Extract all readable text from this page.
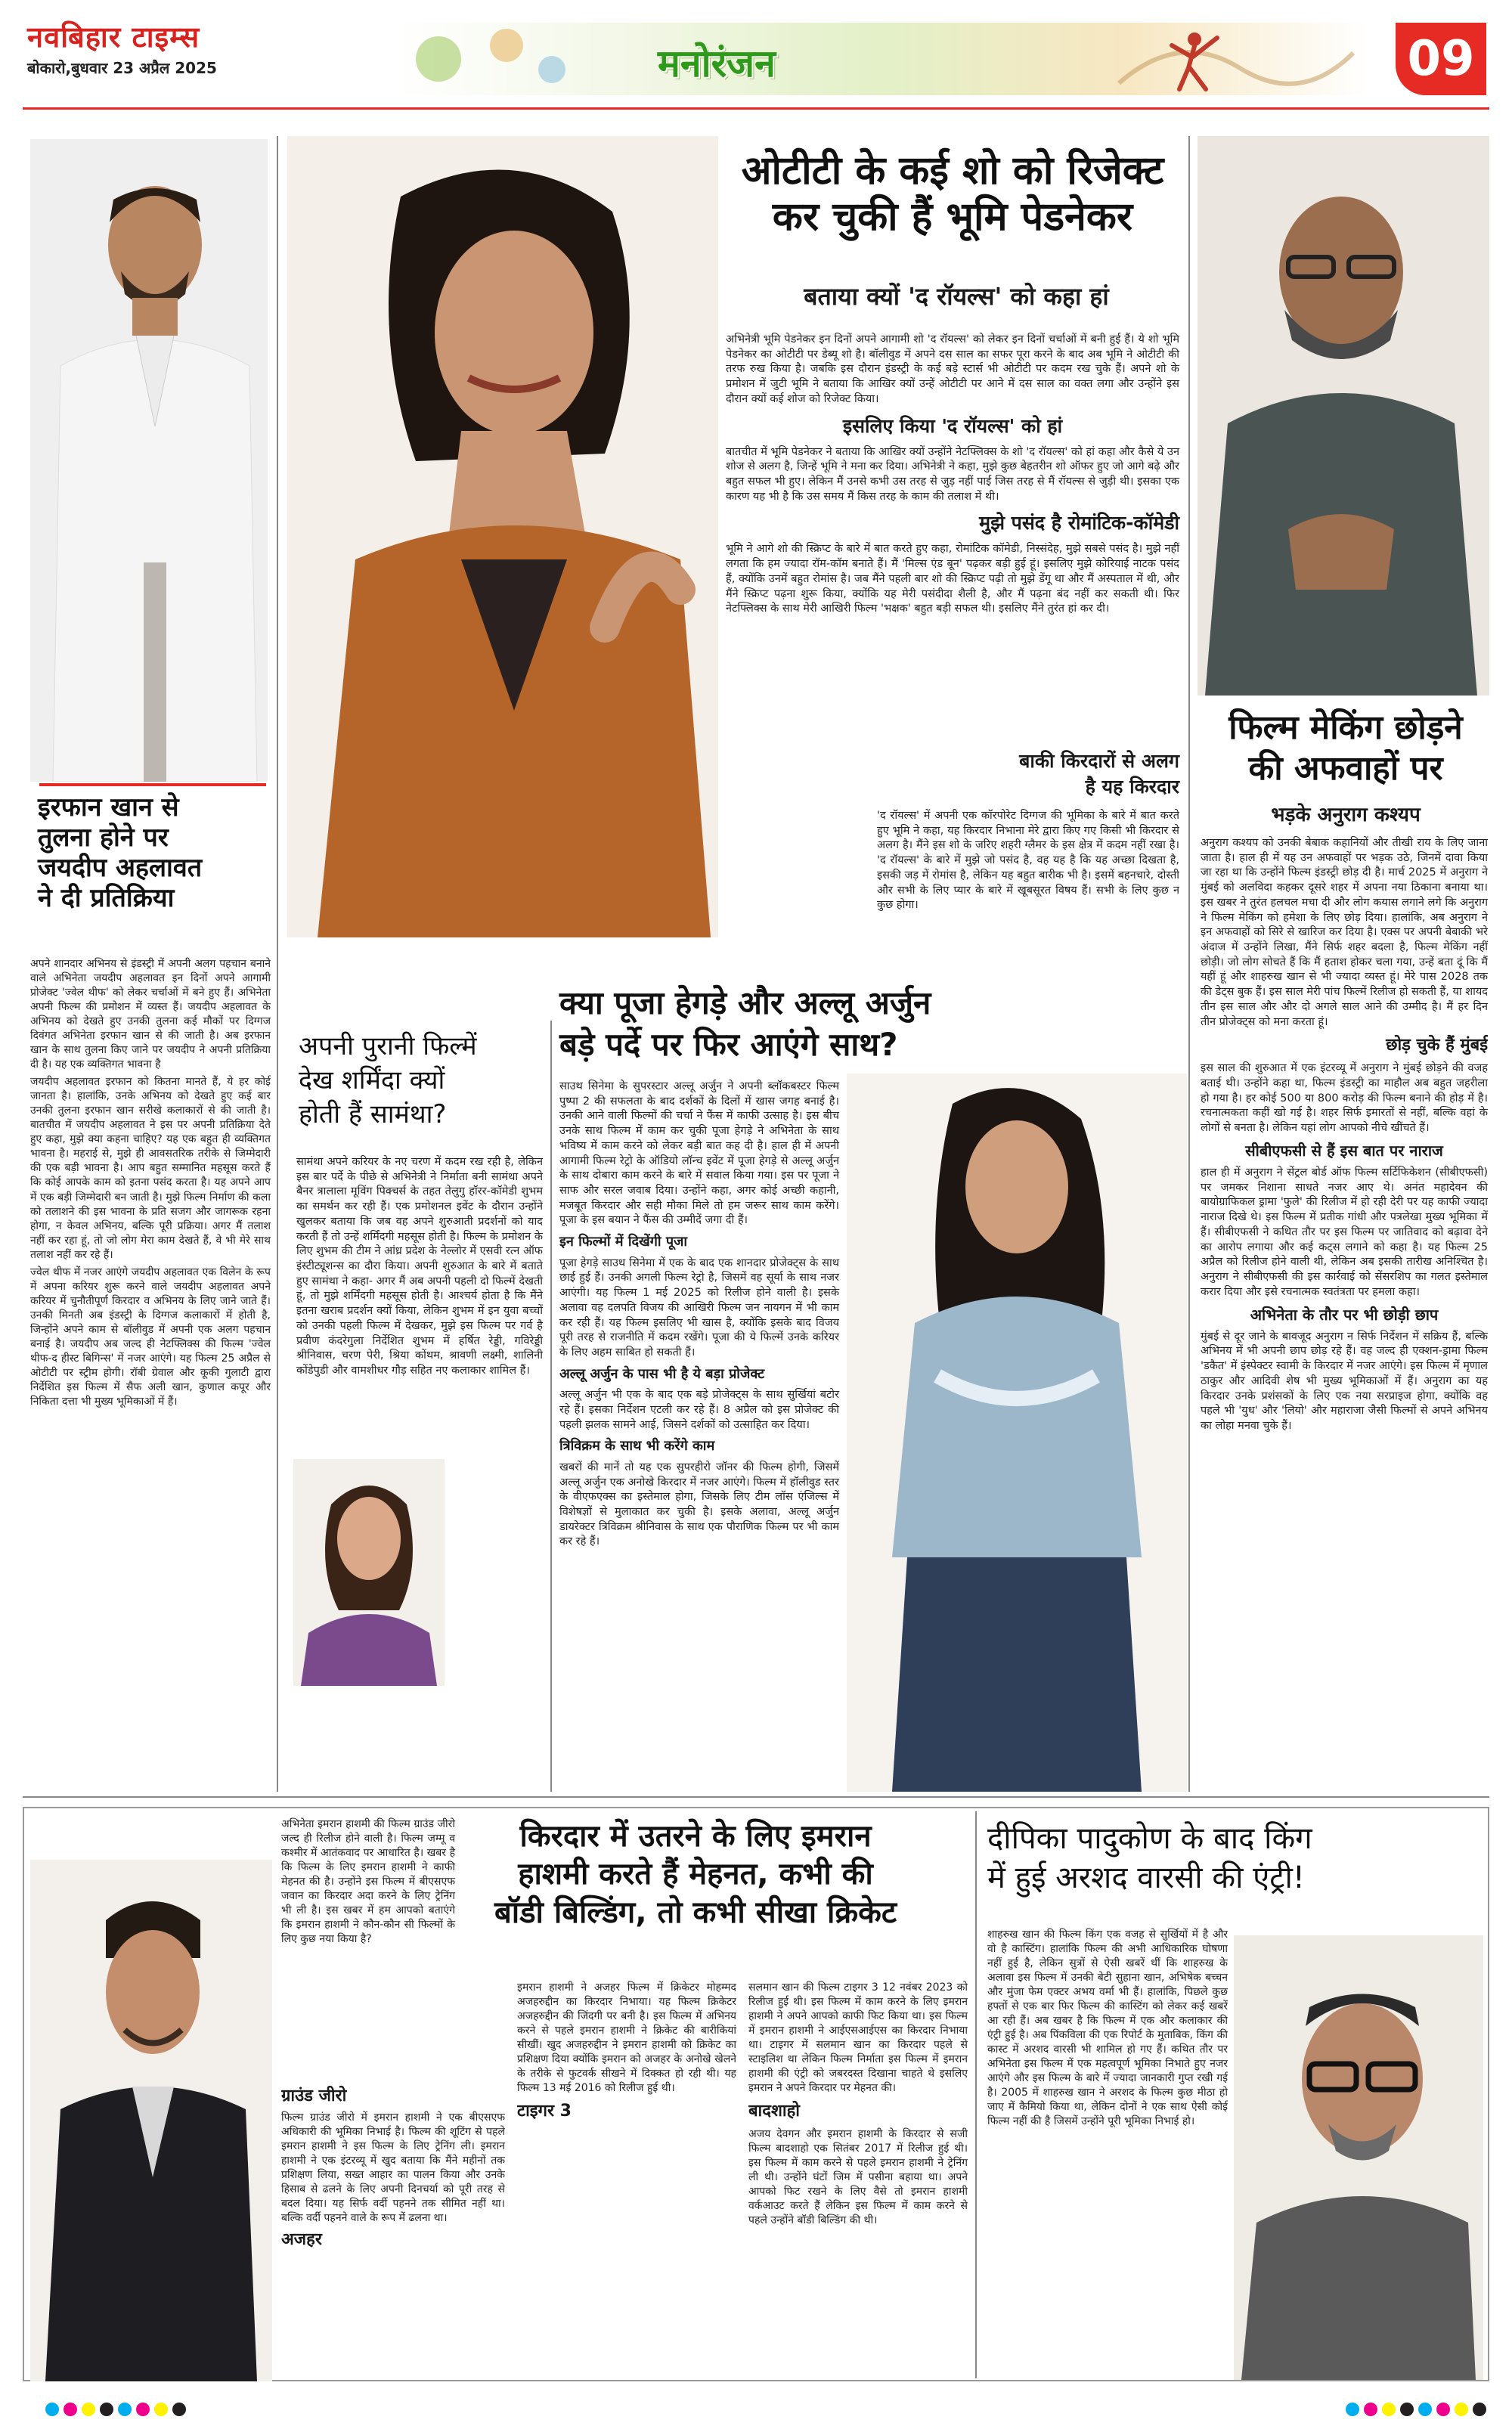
नवबिहार टाइम्स
बोकारो,बुधवार 23 अप्रैल 2025	मनोरंजन	09
इरफान खान से
तुलना होने पर
जयदीप अहलावत
ने दी प्रतिक्रिया

अपने शानदार अभिनय से इंडस्ट्री में अपनी अलग पहचान बनाने वाले अभिनेता जयदीप अहलावत इन दिनों अपने आगामी प्रोजेक्ट 'ज्वेल थीफ' को लेकर चर्चाओं में बने हुए हैं। अभिनेता अपनी फिल्म की प्रमोशन में व्यस्त हैं। जयदीप अहलावत के अभिनय को देखते हुए उनकी तुलना कई मौकों पर दिग्गज दिवंगत अभिनेता इरफान खान से की जाती है। अब इरफान खान के साथ तुलना किए जाने पर जयदीप ने अपनी प्रतिक्रिया दी है। यह एक व्यक्तिगत भावना है

जयदीप अहलावत इरफान को कितना मानते हैं, ये हर कोई जानता है। हालांकि, उनके अभिनय को देखते हुए कई बार उनकी तुलना इरफान खान सरीखे कलाकारों से की जाती है। बातचीत में जयदीप अहलावत ने इस पर अपनी प्रतिक्रिया देते हुए कहा, मुझे क्या कहना चाहिए? यह एक बहुत ही व्यक्तिगत भावना है। महराई से, मुझे ही आवसतरिक तरीके से जिम्मेदारी की एक बड़ी भावना है। आप बहुत सम्मानित महसूस करते हैं कि कोई आपके काम को इतना पसंद करता है। यह अपने आप में एक बड़ी जिम्मेदारी बन जाती है। मुझे फिल्म निर्माण की कला को तलाशने की इस भावना के प्रति सजग और जागरूक रहना होगा, न केवल अभिनय, बल्कि पूरी प्रक्रिया। अगर मैं तलाश नहीं कर रहा हूं, तो जो लोग मेरा काम देखते हैं, वे भी मेरे साथ तलाश नहीं कर रहे हैं।

ज्वेल थीफ में नजर आएंगे जयदीप अहलावत एक विलेन के रूप में अपना करियर शुरू करने वाले जयदीप अहलावत अपने करियर में चुनौतीपूर्ण किरदार व अभिनय के लिए जाने जाते हैं। उनकी मिनती अब इंडस्ट्री के दिग्गज कलाकारों में होती है, जिन्होंने अपने काम से बॉलीवुड में अपनी एक अलग पहचान बनाई है। जयदीप अब जल्द ही नेटफ्लिक्स की फिल्म 'ज्वेल थीफ-द हीस्ट बिगिन्स' में नजर आएंगे। यह फिल्म 25 अप्रैल से ओटीटी पर स्ट्रीम होगी। रॉबी ग्रेवाल और कूकी गुलाटी द्वारा निर्देशित इस फिल्म में सैफ अली खान, कुणाल कपूर और निकिता दत्ता भी मुख्य भूमिकाओं में हैं।

ओटीटी के कई शो को रिजेक्ट
कर चुकी हैं भूमि पेडनेकर
बताया क्यों 'द रॉयल्स' को कहा हां

अभिनेत्री भूमि पेडनेकर इन दिनों अपने आगामी शो 'द रॉयल्स' को लेकर इन दिनों चर्चाओं में बनी हुई हैं। ये शो भूमि पेडनेकर का ओटीटी पर डेब्यू शो है। बॉलीवुड में अपने दस साल का सफर पूरा करने के बाद अब भूमि ने ओटीटी की तरफ रुख किया है। जबकि इस दौरान इंडस्ट्री के कई बड़े स्टार्स भी ओटीटी पर कदम रख चुके हैं। अपने शो के प्रमोशन में जुटी भूमि ने बताया कि आखिर क्यों उन्हें ओटीटी पर आने में दस साल का वक्त लगा और उन्होंने इस दौरान क्यों कई शोज को रिजेक्ट किया।

इसलिए किया 'द रॉयल्स' को हां

बातचीत में भूमि पेडनेकर ने बताया कि आखिर क्यों उन्होंने नेटफ्लिक्स के शो 'द रॉयल्स' को हां कहा और कैसे ये उन शोज से अलग है, जिन्हें भूमि ने मना कर दिया। अभिनेत्री ने कहा, मुझे कुछ बेहतरीन शो ऑफर हुए जो आगे बढ़े और बहुत सफल भी हुए। लेकिन मैं उनसे कभी उस तरह से जुड़ नहीं पाई जिस तरह से मैं रॉयल्स से जुड़ी थी। इसका एक कारण यह भी है कि उस समय मैं किस तरह के काम की तलाश में थी।

मुझे पसंद है रोमांटिक-कॉमेडी

भूमि ने आगे शो की स्क्रिप्ट के बारे में बात करते हुए कहा, रोमांटिक कॉमेडी, निस्संदेह, मुझे सबसे पसंद है। मुझे नहीं लगता कि हम ज्यादा रॉम-कॉम बनाते हैं। मैं 'मिल्स एंड बून' पढ़कर बड़ी हुई हूं। इसलिए मुझे कोरियाई नाटक पसंद हैं, क्योंकि उनमें बहुत रोमांस है। जब मैंने पहली बार शो की स्क्रिप्ट पढ़ी तो मुझे डेंगू था और मैं अस्पताल में थी, और मैंने स्क्रिप्ट पढ़ना शुरू किया, क्योंकि यह मेरी पसंदीदा शैली है, और मैं पढ़ना बंद नहीं कर सकती थी। फिर नेटफ्लिक्स के साथ मेरी आखिरी फिल्म 'भक्षक' बहुत बड़ी सफल थी। इसलिए मैंने तुरंत हां कर दी।

बाकी किरदारों से अलग
है यह किरदार

'द रॉयल्स' में अपनी एक कॉरपोरेट दिग्गज की भूमिका के बारे में बात करते हुए भूमि ने कहा, यह किरदार निभाना मेरे द्वारा किए गए किसी भी किरदार से अलग है। मैंने इस शो के जरिए शहरी ग्लैमर के इस क्षेत्र में कदम नहीं रखा है। 'द रॉयल्स' के बारे में मुझे जो पसंद है, वह यह है कि यह अच्छा दिखता है, इसकी जड़ में रोमांस है, लेकिन यह बहुत बारीक भी है। इसमें बहनचारे, दोस्ती और सभी के लिए प्यार के बारे में खूबसूरत विषय हैं। सभी के लिए कुछ न कुछ होगा।

अपनी पुरानी फिल्में
देख शर्मिंदा क्यों
होती हैं सामंथा?

सामंथा अपने करियर के नए चरण में कदम रख रही है, लेकिन इस बार पर्दे के पीछे से अभिनेत्री ने निर्माता बनी सामंथा अपने बैनर त्रालाला मूविंग पिक्चर्स के तहत तेलुगु हॉरर-कॉमेडी शुभम का समर्थन कर रही हैं। एक प्रमोशनल इवेंट के दौरान उन्होंने खुलकर बताया कि जब वह अपने शुरुआती प्रदर्शनों को याद करती हैं तो उन्हें शर्मिंदगी महसूस होती है। फिल्म के प्रमोशन के लिए शुभम की टीम ने आंध्र प्रदेश के नेल्लोर में एसवी रत्न ऑफ इंस्टीट्यूशन्स का दौरा किया। अपनी शुरुआत के बारे में बताते हुए सामंथा ने कहा- अगर मैं अब अपनी पहली दो फिल्में देखती हूं, तो मुझे शर्मिंदगी महसूस होती है। आश्चर्य होता है कि मैंने इतना खराब प्रदर्शन क्यों किया, लेकिन शुभम में इन युवा बच्चों को उनकी पहली फिल्म में देखकर, मुझे इस फिल्म पर गर्व है प्रवीण कंदरेगुला निर्देशित शुभम में हर्षित रेड्डी, गविरेड्डी श्रीनिवास, चरण पेरी, श्रिया कोंथम, श्रावणी लक्ष्मी, शालिनी कोंडेपुडी और वामशीधर गौड़ सहित नए कलाकार शामिल हैं।

क्या पूजा हेगड़े और अल्लू अर्जुन
बड़े पर्दे पर फिर आएंगे साथ?

साउथ सिनेमा के सुपरस्टार अल्लू अर्जुन ने अपनी ब्लॉकबस्टर फिल्म पुष्पा 2 की सफलता के बाद दर्शकों के दिलों में खास जगह बनाई है। उनकी आने वाली फिल्मों की चर्चा ने फैंस में काफी उत्साह है। इस बीच उनके साथ फिल्म में काम कर चुकी पूजा हेगड़े ने अभिनेता के साथ भविष्य में काम करने को लेकर बड़ी बात कह दी है। हाल ही में अपनी आगामी फिल्म रेट्रो के ऑडियो लॉन्च इवेंट में पूजा हेगड़े से अल्लू अर्जुन के साथ दोबारा काम करने के बारे में सवाल किया गया। इस पर पूजा ने साफ और सरल जवाब दिया। उन्होंने कहा, अगर कोई अच्छी कहानी, मजबूत किरदार और सही मौका मिले तो हम जरूर साथ काम करेंगे। पूजा के इस बयान ने फैंस की उम्मीदें जगा दी हैं।

इन फिल्मों में दिखेंगी पूजा

पूजा हेगड़े साउथ सिनेमा में एक के बाद एक शानदार प्रोजेक्ट्स के साथ छाई हुई हैं। उनकी अगली फिल्म रेट्रो है, जिसमें वह सूर्या के साथ नजर आएंगी। यह फिल्म 1 मई 2025 को रिलीज होने वाली है। इसके अलावा वह दलपति विजय की आखिरी फिल्म जन नायगन में भी काम कर रही हैं। यह फिल्म इसलिए भी खास है, क्योंकि इसके बाद विजय पूरी तरह से राजनीति में कदम रखेंगे। पूजा की ये फिल्में उनके करियर के लिए अहम साबित हो सकती हैं।

अल्लू अर्जुन के पास भी है ये बड़ा प्रोजेक्ट

अल्लू अर्जुन भी एक के बाद एक बड़े प्रोजेक्ट्स के साथ सुर्खियां बटोर रहे हैं। इसका निर्देशन एटली कर रहे हैं। 8 अप्रैल को इस प्रोजेक्ट की पहली झलक सामने आई, जिसने दर्शकों को उत्साहित कर दिया।

त्रिविक्रम के साथ भी करेंगे काम

खबरों की मानें तो यह एक सुपरहीरो जॉनर की फिल्म होगी, जिसमें अल्लू अर्जुन एक अनोखे किरदार में नजर आएंगे। फिल्म में हॉलीवुड स्तर के वीएफएक्स का इस्तेमाल होगा, जिसके लिए टीम लॉस एंजिल्स में विशेषज्ञों से मुलाकात कर चुकी है। इसके अलावा, अल्लू अर्जुन डायरेक्टर त्रिविक्रम श्रीनिवास के साथ एक पौराणिक फिल्म पर भी काम कर रहे हैं।

फिल्म मेकिंग छोड़ने
की अफवाहों पर
भड़के अनुराग कश्यप

अनुराग कश्यप को उनकी बेबाक कहानियों और तीखी राय के लिए जाना जाता है। हाल ही में यह उन अफवाहों पर भड़क उठे, जिनमें दावा किया जा रहा था कि उन्होंने फिल्म इंडस्ट्री छोड़ दी है। मार्च 2025 में अनुराग ने मुंबई को अलविदा कहकर दूसरे शहर में अपना नया ठिकाना बनाया था। इस खबर ने तुरंत हलचल मचा दी और लोग कयास लगाने लगे कि अनुराग ने फिल्म मेकिंग को हमेशा के लिए छोड़ दिया। हालांकि, अब अनुराग ने इन अफवाहों को सिरे से खारिज कर दिया है। एक्स पर अपनी बेबाकी भरे अंदाज में उन्होंने लिखा, मैंने सिर्फ शहर बदला है, फिल्म मेकिंग नहीं छोड़ी। जो लोग सोचते हैं कि मैं हताश होकर चला गया, उन्हें बता दूं कि मैं यहीं हूं और शाहरुख खान से भी ज्यादा व्यस्त हूं। मेरे पास 2028 तक की डेट्स बुक हैं। इस साल मेरी पांच फिल्में रिलीज हो सकती हैं, या शायद तीन इस साल और और दो अगले साल आने की उम्मीद है। मैं हर दिन तीन प्रोजेक्ट्स को मना करता हूं।

छोड़ चुके हैं मुंबई

इस साल की शुरुआत में एक इंटरव्यू में अनुराग ने मुंबई छोड़ने की वजह बताई थी। उन्होंने कहा था, फिल्म इंडस्ट्री का माहौल अब बहुत जहरीला हो गया है। हर कोई 500 या 800 करोड़ की फिल्म बनाने की होड़ में है। रचनात्मकता कहीं खो गई है। शहर सिर्फ इमारतों से नहीं, बल्कि वहां के लोगों से बनता है। लेकिन यहां लोग आपको नीचे खींचते हैं।

सीबीएफसी से हैं इस बात पर नाराज

हाल ही में अनुराग ने सेंट्रल बोर्ड ऑफ फिल्म सर्टिफिकेशन (सीबीएफसी) पर जमकर निशाना साधते नजर आए थे। अनंत महादेवन की बायोग्राफिकल ड्रामा 'फुले' की रिलीज में हो रही देरी पर यह काफी ज्यादा नाराज दिखे थे। इस फिल्म में प्रतीक गांधी और पत्रलेखा मुख्य भूमिका में हैं। सीबीएफसी ने कथित तौर पर इस फिल्म पर जातिवाद को बढ़ावा देने का आरोप लगाया और कई कट्स लगाने को कहा है। यह फिल्म 25 अप्रैल को रिलीज होने वाली थी, लेकिन अब इसकी तारीख अनिश्चित है। अनुराग ने सीबीएफसी की इस कार्रवाई को सेंसरशिप का गलत इस्तेमाल करार दिया और इसे रचनात्मक स्वतंत्रता पर हमला कहा।

अभिनेता के तौर पर भी छोड़ी छाप

मुंबई से दूर जाने के बावजूद अनुराग न सिर्फ निर्देशन में सक्रिय हैं, बल्कि अभिनय में भी अपनी छाप छोड़ रहे हैं। वह जल्द ही एक्शन-ड्रामा फिल्म 'डकैत' में इंस्पेक्टर स्वामी के किरदार में नजर आएंगे। इस फिल्म में मृणाल ठाकुर और आदिवी शेष भी मुख्य भूमिकाओं में हैं। अनुराग का यह किरदार उनके प्रशंसकों के लिए एक नया सरप्राइज होगा, क्योंकि वह पहले भी 'युध' और 'लियो' और महाराजा जैसी फिल्मों से अपने अभिनय का लोहा मनवा चुके हैं।

अभिनेता इमरान हाशमी की फिल्म ग्राउंड जीरो जल्द ही रिलीज होने वाली है। फिल्म जम्मू व कश्मीर में आतंकवाद पर आधारित है। खबर है कि फिल्म के लिए इमरान हाशमी ने काफी मेहनत की है। उन्होंने इस फिल्म में बीएसएफ जवान का किरदार अदा करने के लिए ट्रेनिंग भी ली है। इस खबर में हम आपको बताएंगे कि इमरान हाशमी ने कौन-कौन सी फिल्मों के लिए कुछ नया किया है?

किरदार में उतरने के लिए इमरान
हाशमी करते हैं मेहनत, कभी की
बॉडी बिल्डिंग, तो कभी सीखा क्रिकेट
ग्राउंड जीरो

फिल्म ग्राउंड जीरो में इमरान हाशमी ने एक बीएसएफ अधिकारी की भूमिका निभाई है। फिल्म की शूटिंग से पहले इमरान हाशमी ने इस फिल्म के लिए ट्रेनिंग ली। इमरान हाशमी ने एक इंटरव्यू में खुद बताया कि मैंने महीनों तक प्रशिक्षण लिया, सख्त आहार का पालन किया और उनके हिसाब से ढलने के लिए अपनी दिनचर्या को पूरी तरह से बदल दिया। यह सिर्फ वर्दी पहनने तक सीमित नहीं था। बल्कि वर्दी पहनने वाले के रूप में ढलना था।

अजहर

इमरान हाशमी ने अजहर फिल्म में क्रिकेटर मोहम्मद अजहरुद्दीन का किरदार निभाया। यह फिल्म क्रिकेटर अजहरुद्दीन की जिंदगी पर बनी है। इस फिल्म में अभिनय करने से पहले इमरान हाशमी ने क्रिकेट की बारीकियां सीखीं। खुद अजहरुद्दीन ने इमरान हाशमी को क्रिकेट का प्रशिक्षण दिया क्योंकि इमरान को अजहर के अनोखे खेलने के तरीके से फुटवर्क सीखने में दिक्कत हो रही थी। यह फिल्म 13 मई 2016 को रिलीज हुई थी।

टाइगर 3

सलमान खान की फिल्म टाइगर 3 12 नवंबर 2023 को रिलीज हुई थी। इस फिल्म में काम करने के लिए इमरान हाशमी ने अपने आपको काफी फिट किया था। इस फिल्म में इमरान हाशमी ने आईएसआईएस का किरदार निभाया था। टाइगर में सलमान खान का किरदार पहले से स्टाइलिश था लेकिन फिल्म निर्माता इस फिल्म में इमरान हाशमी की एंट्री को जबरदस्त दिखाना चाहते थे इसलिए इमरान ने अपने किरदार पर मेहनत की।

बादशाहो

अजय देवगन और इमरान हाशमी के किरदार से सजी फिल्म बादशाहो एक सितंबर 2017 में रिलीज हुई थी। इस फिल्म में काम करने से पहले इमरान हाशमी ने ट्रेनिंग ली थी। उन्होंने घंटों जिम में पसीना बहाया था। अपने आपको फिट रखने के लिए वैसे तो इमरान हाशमी वर्कआउट करते हैं लेकिन इस फिल्म में काम करने से पहले उन्होंने बॉडी बिल्डिंग की थी।

दीपिका पादुकोण के बाद किंग
में हुई अरशद वारसी की एंट्री!

शाहरुख खान की फिल्म किंग एक वजह से सुर्खियों में है और वो है कास्टिंग। हालांकि फिल्म की अभी आधिकारिक घोषणा नहीं हुई है, लेकिन सुत्रों से ऐसी खबरें थीं कि शाहरुख के अलावा इस फिल्म में उनकी बेटी सुहाना खान, अभिषेक बच्चन और मुंजा फेम एक्टर अभय वर्मा भी हैं। हालांकि, पिछले कुछ हफ्तों से एक बार फिर फिल्म की कास्टिंग को लेकर कई खबरें आ रही हैं। अब खबर है कि फिल्म में एक और कलाकार की एंट्री हुई है। अब पिंकविला की एक रिपोर्ट के मुताबिक, किंग की कास्ट में अरशद वारसी भी शामिल हो गए हैं। कथित तौर पर अभिनेता इस फिल्म में एक महत्वपूर्ण भूमिका निभाते हुए नजर आएंगे और इस फिल्म के बारे में ज्यादा जानकारी गुप्त रखी गई है। 2005 में शाहरुख खान ने अरशद के फिल्म कुछ मीठा हो जाए में कैमियो किया था, लेकिन दोनों ने एक साथ ऐसी कोई फिल्म नहीं की है जिसमें उन्होंने पूरी भूमिका निभाई हो।
